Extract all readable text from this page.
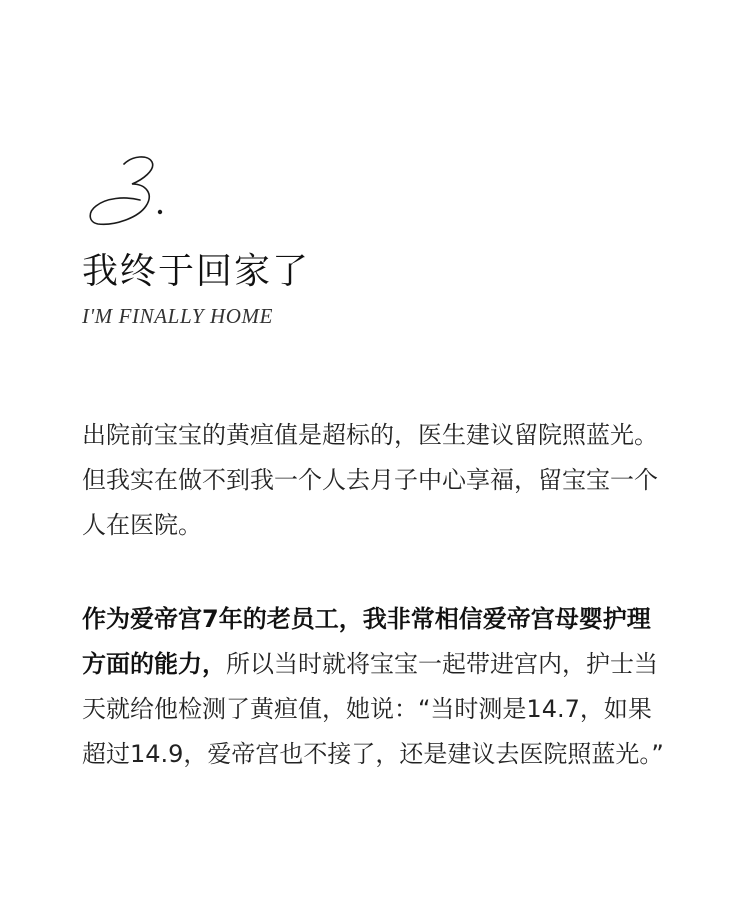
我终于回家了

I'M FINALLY HOME

出院前宝宝的黄疸值是超标的，医生建议留院照蓝光。但我实在做不到我一个人去月子中心享福，留宝宝一个人在医院。

作为爱帝宫7年的老员工，我非常相信爱帝宫母婴护理方面的能力，所以当时就将宝宝一起带进宫内，护士当天就给他检测了黄疸值，她说：“当时测是14.7，如果超过14.9，爱帝宫也不接了，还是建议去医院照蓝光。”
